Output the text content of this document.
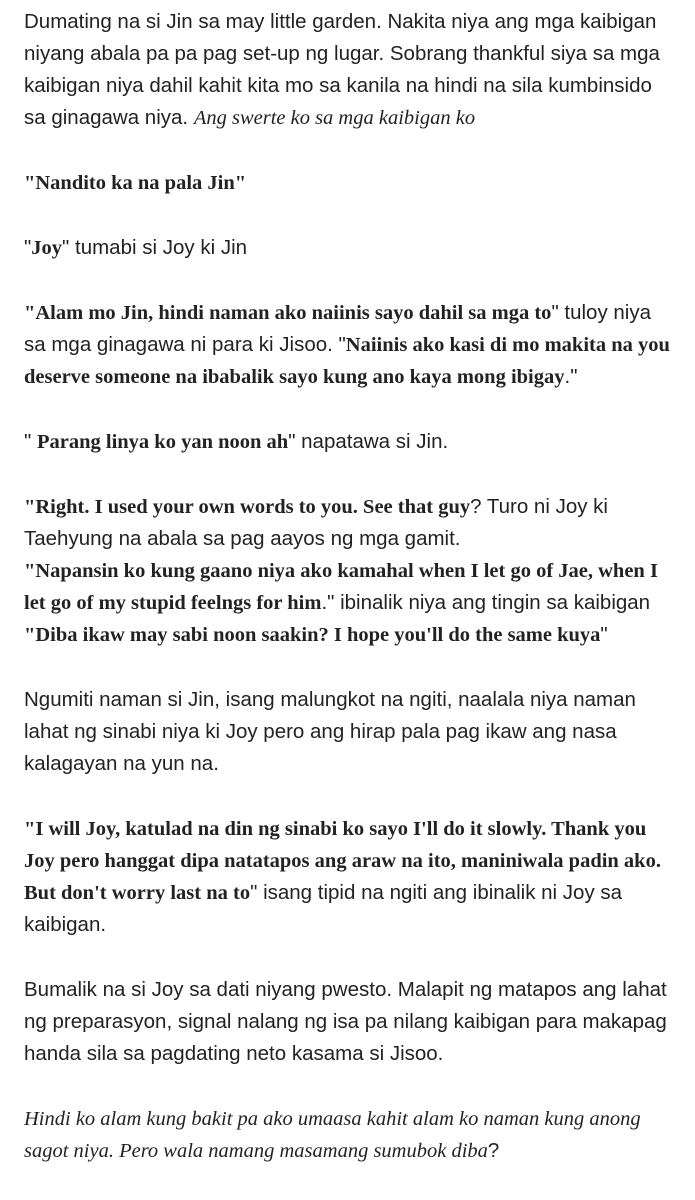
Dumating na si Jin sa may little garden. Nakita niya ang mga kaibigan niyang abala pa pa pag set-up ng lugar. Sobrang thankful siya sa mga kaibigan niya dahil kahit kita mo sa kanila na hindi na sila kumbinsido sa ginagawa niya. Ang swerte ko sa mga kaibigan ko

"Nandito ka na pala Jin"

"Joy" tumabi si Joy ki Jin

"Alam mo Jin, hindi naman ako naiinis sayo dahil sa mga to" tuloy niya sa mga ginagawa ni para ki Jisoo. "Naiinis ako kasi di mo makita na you deserve someone na ibabalik sayo kung ano kaya mong ibigay."

" Parang linya ko yan noon ah" napatawa si Jin.

"Right. I used your own words to you. See that guy? Turo ni Joy ki Taehyung na abala sa pag aayos ng mga gamit.
"Napansin ko kung gaano niya ako kamahal when I let go of Jae, when I let go of my stupid feelngs for him." ibinalik niya ang tingin sa kaibigan
"Diba ikaw may sabi noon saakin? I hope you'll do the same kuya"

Ngumiti naman si Jin, isang malungkot na ngiti, naalala niya naman lahat ng sinabi niya ki Joy pero ang hirap pala pag ikaw ang nasa kalagayan na yun na.

"I will Joy, katulad na din ng sinabi ko sayo I'll do it slowly. Thank you Joy pero hanggat dipa natatapos ang araw na ito, maniniwala padin ako. But don't worry last na to" isang tipid na ngiti ang ibinalik ni Joy sa kaibigan.

Bumalik na si Joy sa dati niyang pwesto. Malapit ng matapos ang lahat ng preparasyon, signal nalang ng isa pa nilang kaibigan para makapag handa sila sa pagdating neto kasama si Jisoo.

Hindi ko alam kung bakit pa ako umaasa kahit alam ko naman kung anong sagot niya. Pero wala namang masamang sumubok diba?
